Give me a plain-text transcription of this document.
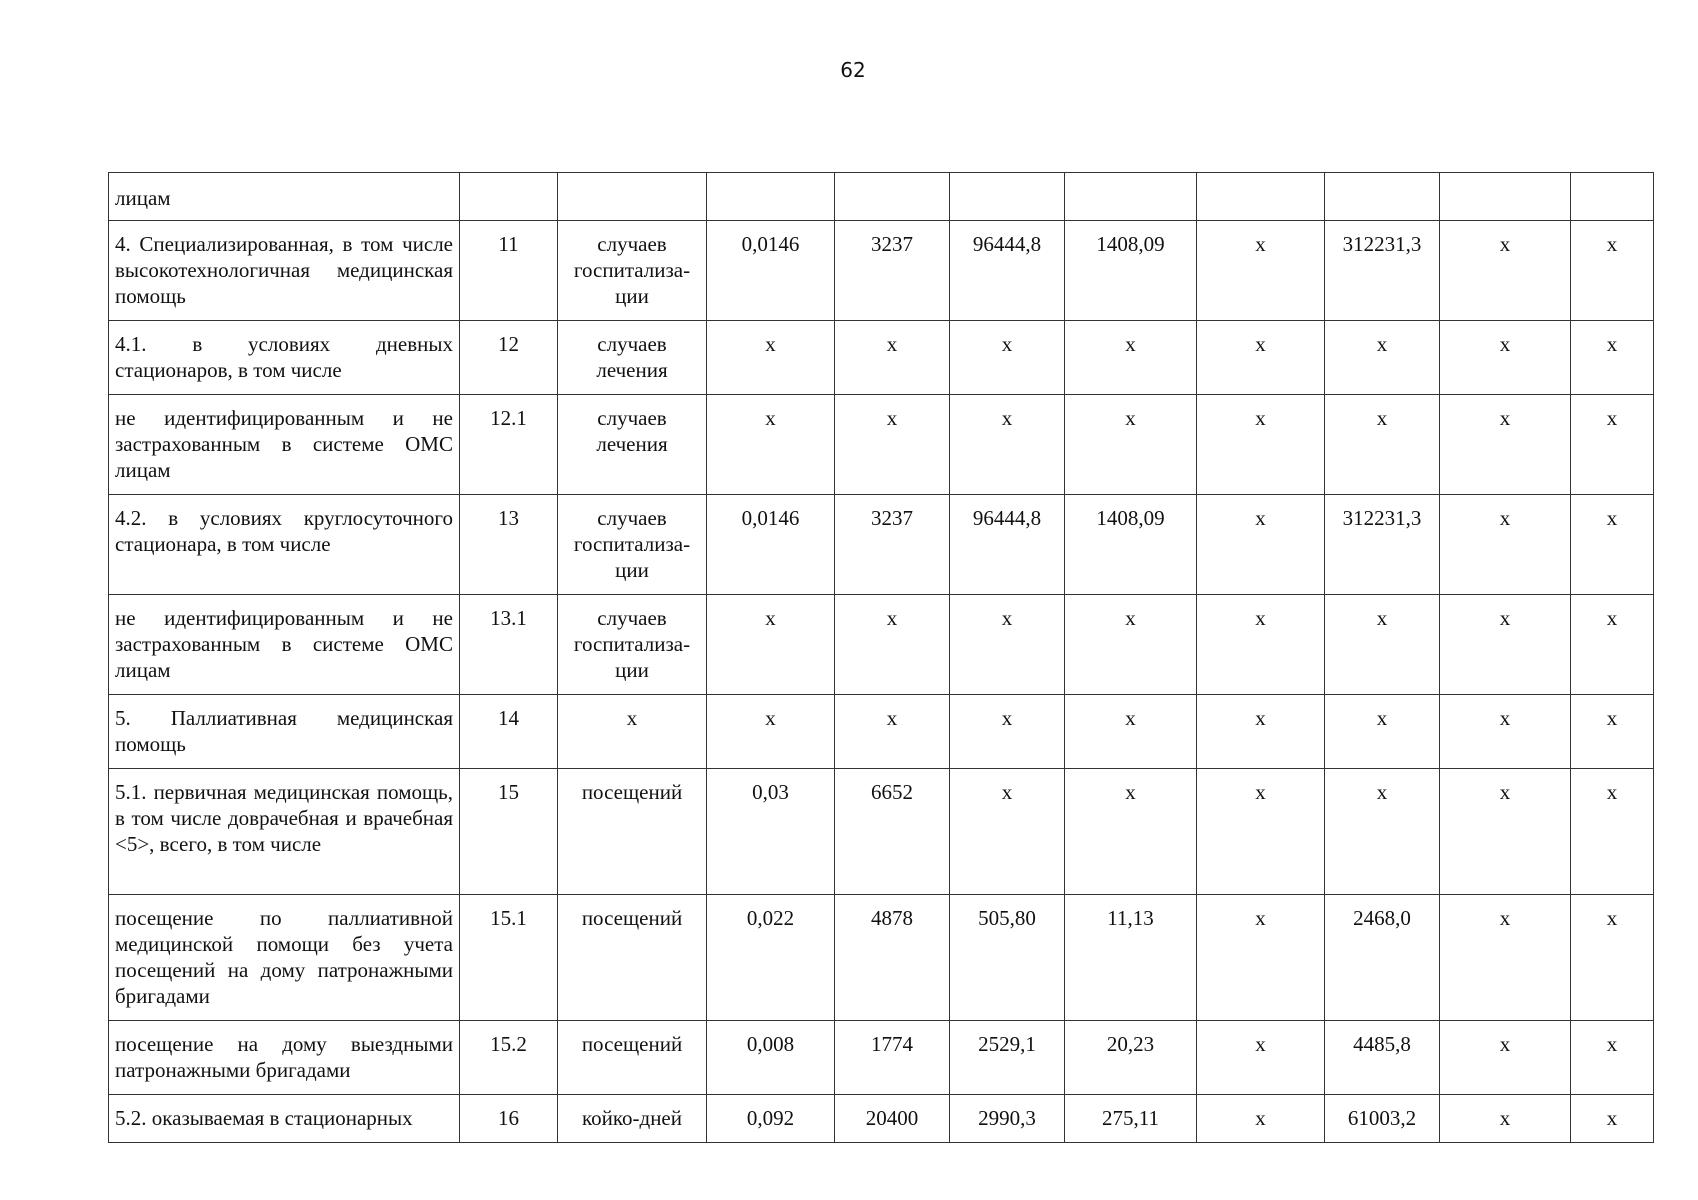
62
лицам										
4. Специализированная, в том числе высокотехнологичная медицинская помощь	11	случаев госпитализа-ции	0,0146	3237	96444,8	1408,09	х	312231,3	х	х
4.1. в условиях дневных стационаров, в том числе	12	случаев лечения	х	х	х	х	х	х	х	х
не идентифицированным и не застрахованным в системе ОМС лицам	12.1	случаев лечения	х	х	х	х	х	х	х	х
4.2. в условиях круглосуточного стационара, в том числе	13	случаев госпитализа-ции	0,0146	3237	96444,8	1408,09	х	312231,3	х	х
не идентифицированным и не застрахованным в системе ОМС лицам	13.1	случаев госпитализа-ции	х	х	х	х	х	х	х	х
5. Паллиативная медицинская помощь	14	х	х	х	х	х	х	х	х	х
5.1. первичная медицинская помощь, в том числе доврачебная и врачебная <5>, всего, в том числе	15	посещений	0,03	6652	х	х	х	х	х	х
посещение по паллиативной медицинской помощи без учета посещений на дому патронажными бригадами	15.1	посещений	0,022	4878	505,80	11,13	х	2468,0	х	х
посещение на дому выездными патронажными бригадами	15.2	посещений	0,008	1774	2529,1	20,23	х	4485,8	х	х
5.2. оказываемая в стационарных	16	койко-дней	0,092	20400	2990,3	275,11	х	61003,2	х	х
